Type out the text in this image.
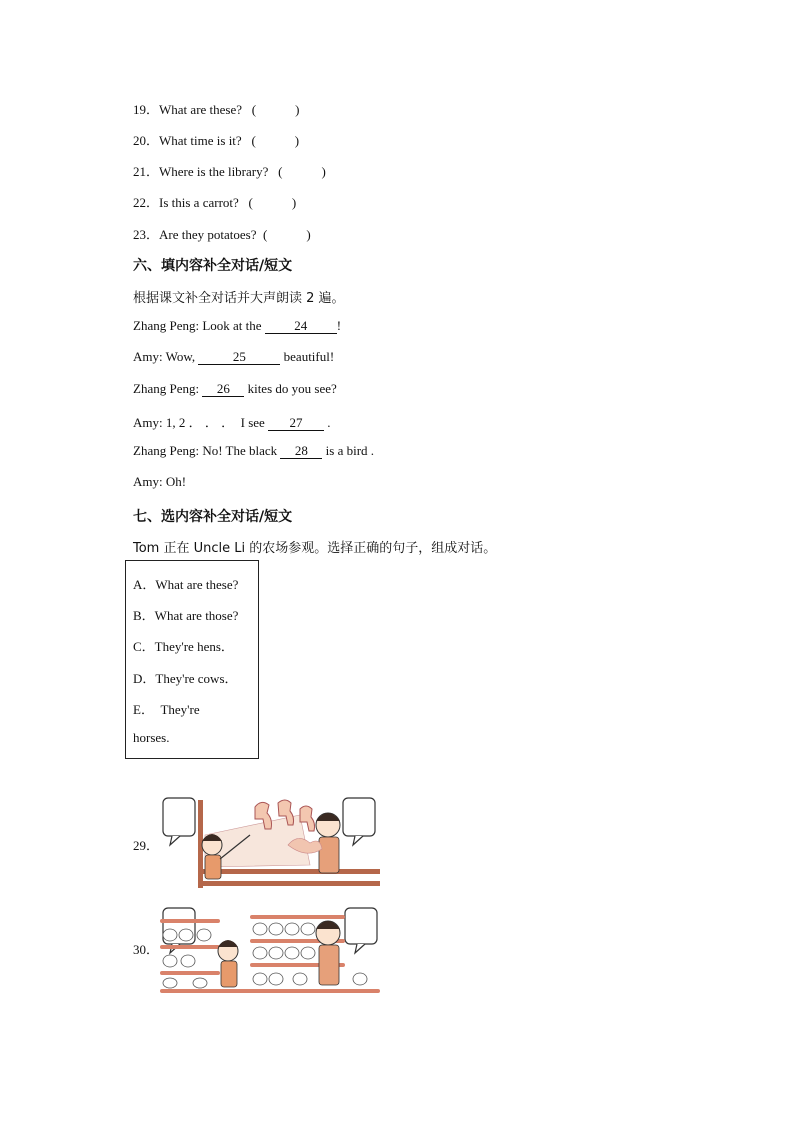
19．What are these? (　　　)
20．What time is it? (　　　)
21．Where is the library? (　　　)
22．Is this a carrot? (　　　)
23．Are they potatoes? (　　　)
六、填内容补全对话/短文
根据课文补全对话并大声朗读 2 遍。
Zhang Peng: Look at the 24 !
Amy: Wow,	25	beautiful!
Zhang Peng: 26 kites do you see?
Amy: 1, 2 ． ． ．　I see 27 .
Zhang Peng: No! The black 28 is a bird .
Amy: Oh!
七、选内容补全对话/短文
Tom 正在 Uncle Li 的农场参观。选择正确的句子，组成对话。
A．What are these?
B．What are those?
C．They're hens．
D．They're cows．
E．　They're
horses.
29．
30．
